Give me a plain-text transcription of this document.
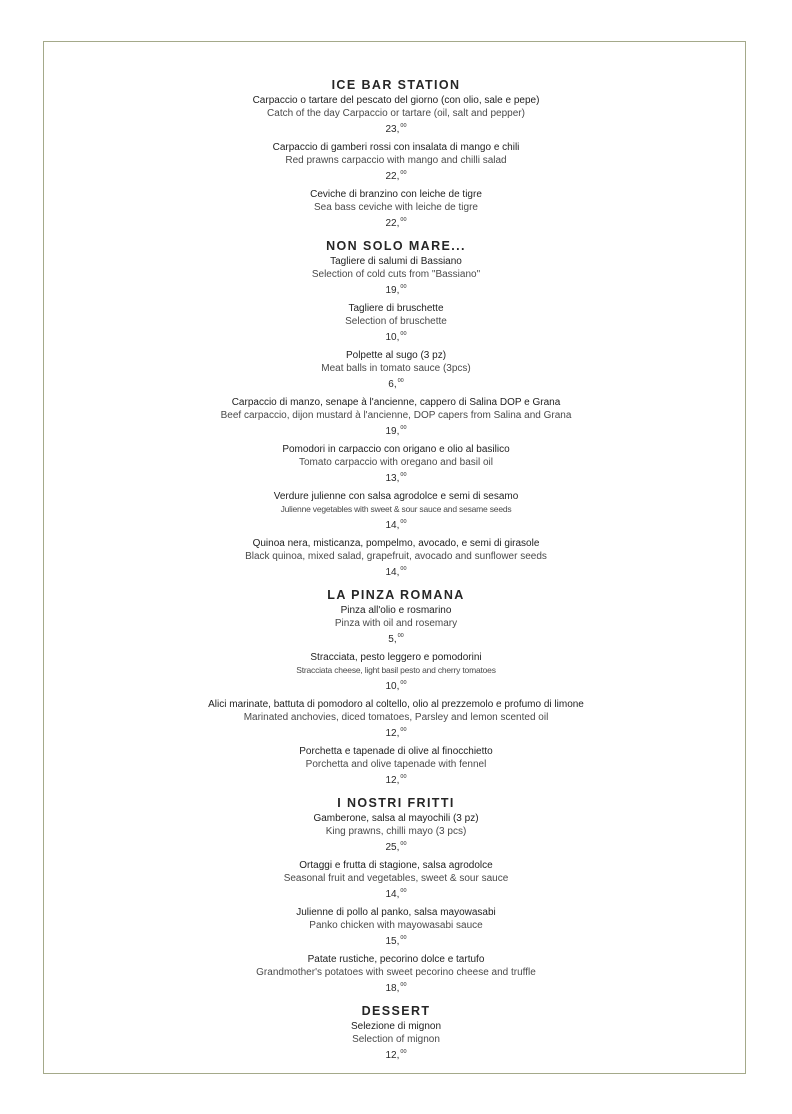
ICE BAR STATION
Carpaccio o tartare del pescato del giorno (con olio, sale e pepe)
Catch of the day Carpaccio or tartare (oil, salt and pepper)
23,00
Carpaccio di gamberi rossi con insalata di mango e chili
Red prawns carpaccio with mango and chilli salad
22,00
Ceviche di branzino con leiche de tigre
Sea bass ceviche with leiche de tigre
22,00
NON SOLO MARE...
Tagliere di salumi di Bassiano
Selection of cold cuts from "Bassiano"
19,00
Tagliere di bruschette
Selection of bruschette
10,00
Polpette al sugo (3 pz)
Meat balls in tomato sauce (3pcs)
6,00
Carpaccio di manzo, senape à l'ancienne, cappero di Salina DOP e Grana
Beef carpaccio, dijon mustard à l'ancienne, DOP capers from Salina and Grana
19,00
Pomodori in carpaccio con origano e olio al basilico
Tomato carpaccio with oregano and basil oil
13,00
Verdure julienne con salsa agrodolce e semi di sesamo
Julienne vegetables with sweet & sour sauce and sesame seeds
14,00
Quinoa nera, misticanza, pompelmo, avocado, e semi di girasole
Black quinoa, mixed salad, grapefruit, avocado and sunflower seeds
14,00
LA PINZA ROMANA
Pinza all'olio e rosmarino
Pinza with oil and rosemary
5,00
Stracciata, pesto leggero e pomodorini
Stracciata cheese, light basil pesto and cherry tomatoes
10,00
Alici marinate, battuta di pomodoro al coltello, olio al prezzemolo e profumo di limone
Marinated anchovies, diced tomatoes, Parsley and lemon scented oil
12,00
Porchetta e tapenade di olive al finocchietto
Porchetta and olive tapenade with fennel
12,00
I NOSTRI FRITTI
Gamberone, salsa al mayochili (3 pz)
King prawns, chilli mayo (3 pcs)
25,00
Ortaggi e frutta di stagione, salsa agrodolce
Seasonal fruit and vegetables, sweet & sour sauce
14,00
Julienne di pollo al panko, salsa mayowasabi
Panko chicken with mayowasabi sauce
15,00
Patate rustiche, pecorino dolce e tartufo
Grandmother's potatoes with sweet pecorino cheese and truffle
18,00
DESSERT
Selezione di mignon
Selection of mignon
12,00
